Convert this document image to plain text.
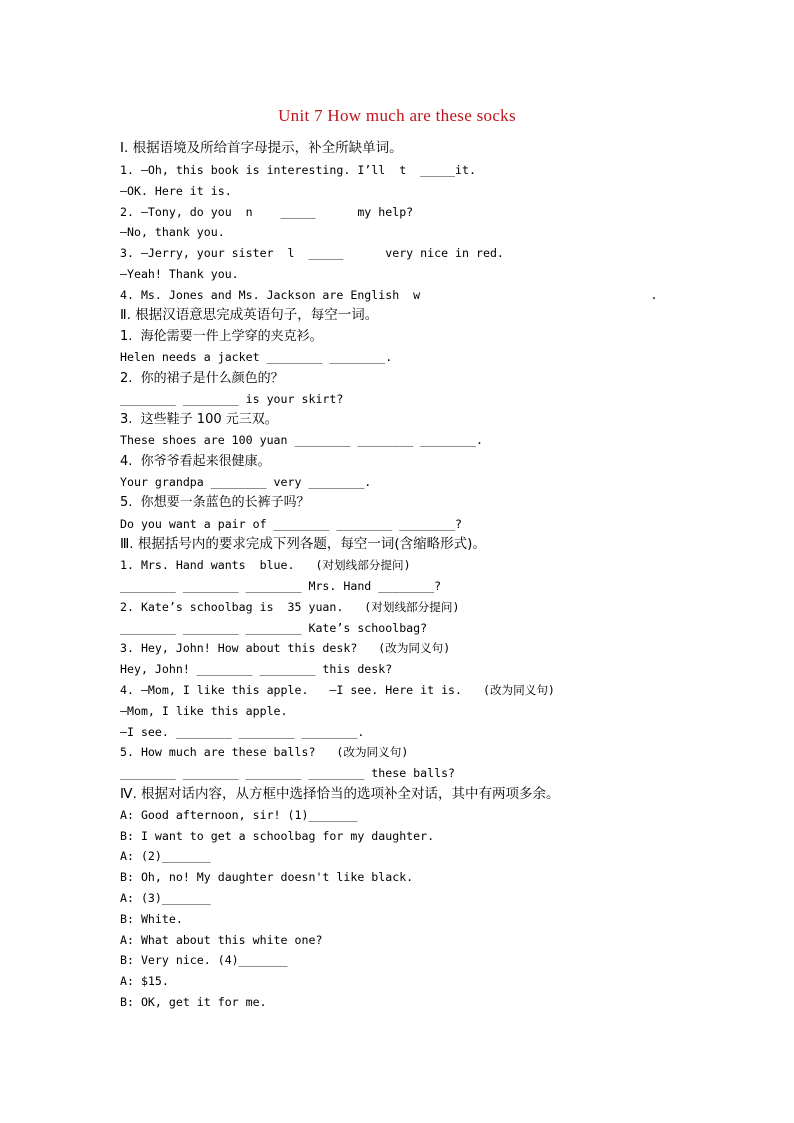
Unit 7 How much are these socks
Ⅰ. 根据语境及所给首字母提示，补全所缺单词。
1. —Oh, this book is interesting. I’ll  t  _____it.
—OK. Here it is.
2. —Tony, do you  n    _____      my help?
—No, thank you.
3. —Jerry, your sister  l  _____      very nice in red.
—Yeah! Thank you.
4. Ms. Jones and Ms. Jackson are English  w                                 .
Ⅱ. 根据汉语意思完成英语句子，每空一词。
1.  海伦需要一件上学穿的夹克衫。
Helen needs a jacket ________ ________.
2.  你的裙子是什么颜色的？
________ ________ is your skirt?
3.  这些鞋子 100 元三双。
These shoes are 100 yuan ________ ________ ________.
4.  你爷爷看起来很健康。
Your grandpa ________ very ________.
5.  你想要一条蓝色的长裤子吗？
Do you want a pair of ________ ________ ________?
Ⅲ. 根据括号内的要求完成下列各题，每空一词(含缩略形式)。
1. Mrs. Hand wants  blue.   (对划线部分提问)
________ ________ ________ Mrs. Hand ________?
2. Kate’s schoolbag is  35 yuan.   (对划线部分提问)
________ ________ ________ Kate’s schoolbag?
3. Hey, John! How about this desk?   (改为同义句)
Hey, John! ________ ________ this desk?
4. —Mom, I like this apple.   —I see. Here it is.   (改为同义句)
—Mom, I like this apple.
—I see. ________ ________ ________.
5. How much are these balls?   (改为同义句)
________ ________ ________ ________ these balls?
Ⅳ. 根据对话内容，从方框中选择恰当的选项补全对话，其中有两项多余。
A: Good afternoon, sir! (1)_______
B: I want to get a schoolbag for my daughter.
A: (2)_______
B: Oh, no! My daughter doesn't like black.
A: (3)_______
B: White.
A: What about this white one?
B: Very nice. (4)_______
A: $15.
B: OK, get it for me.
